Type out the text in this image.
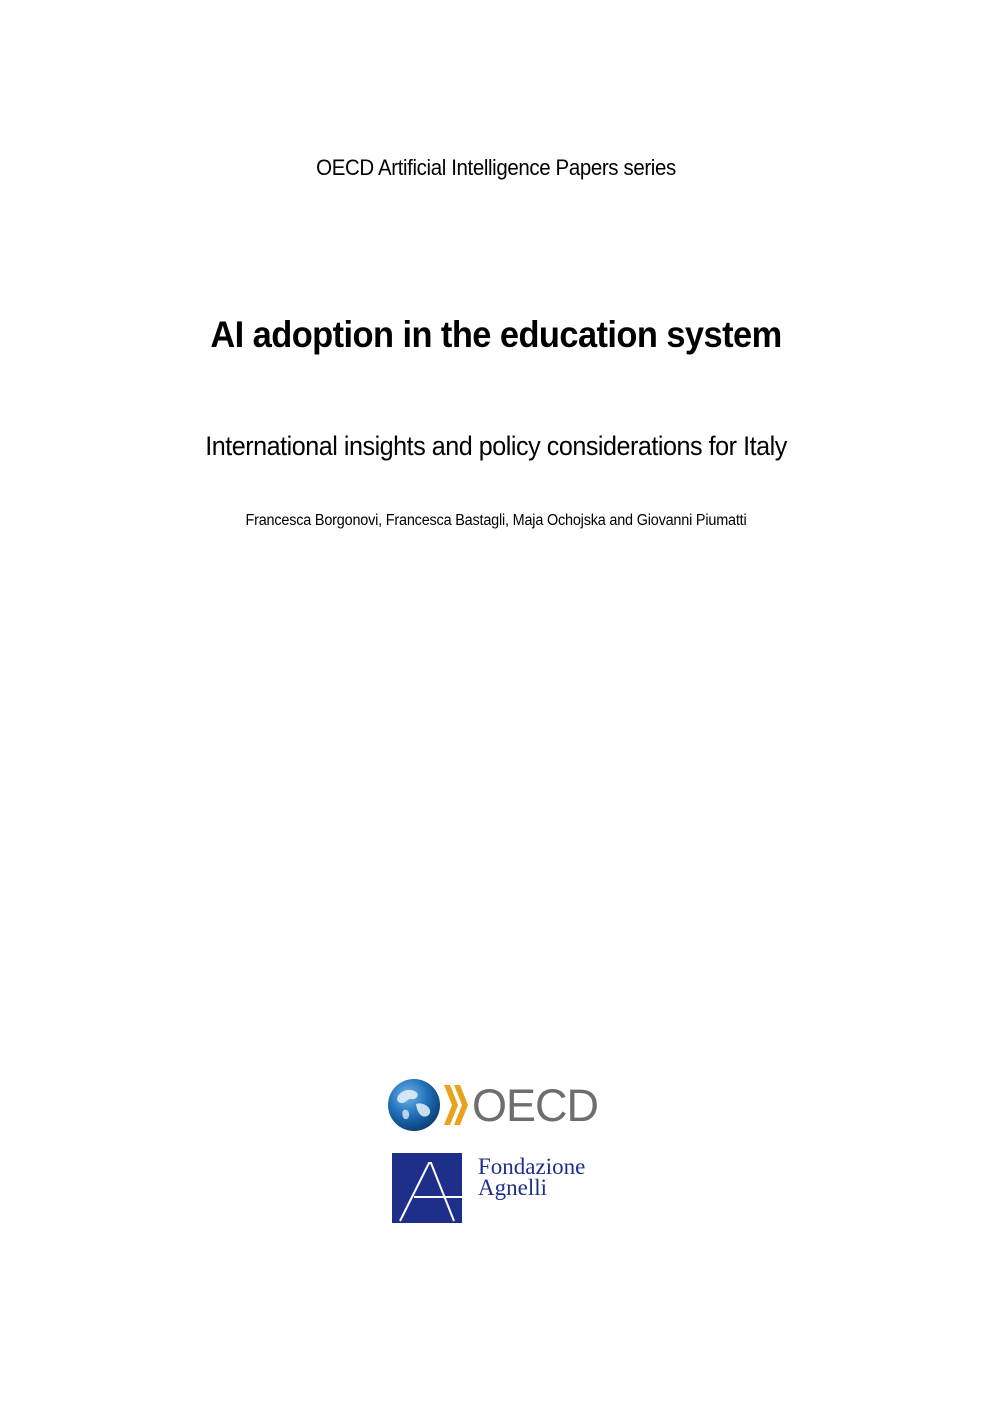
OECD Artificial Intelligence Papers series
AI adoption in the education system
International insights and policy considerations for Italy
Francesca Borgonovi, Francesca Bastagli, Maja Ochojska and Giovanni Piumatti
OECD
Fondazione
Agnelli
